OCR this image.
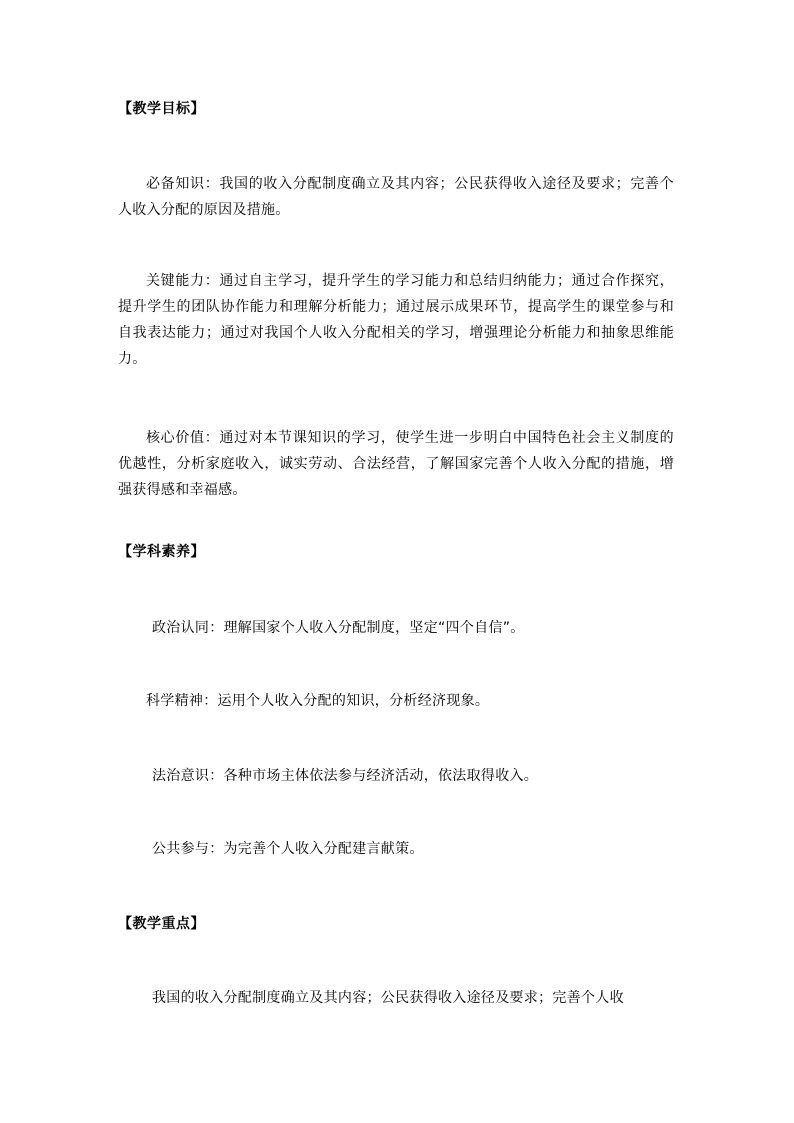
【教学目标】
必备知识：我国的收入分配制度确立及其内容；公民获得收入途径及要求；完善个人收入分配的原因及措施。
关键能力：通过自主学习，提升学生的学习能力和总结归纳能力；通过合作探究，提升学生的团队协作能力和理解分析能力；通过展示成果环节，提高学生的课堂参与和自我表达能力；通过对我国个人收入分配相关的学习，增强理论分析能力和抽象思维能力。
核心价值：通过对本节课知识的学习，使学生进一步明白中国特色社会主义制度的优越性，分析家庭收入，诚实劳动、合法经营，了解国家完善个人收入分配的措施，增强获得感和幸福感。
【学科素养】
政治认同：理解国家个人收入分配制度，坚定“四个自信”。
科学精神：运用个人收入分配的知识，分析经济现象。
法治意识：各种市场主体依法参与经济活动，依法取得收入。
公共参与：为完善个人收入分配建言献策。
【教学重点】
我国的收入分配制度确立及其内容；公民获得收入途径及要求；完善个人收
